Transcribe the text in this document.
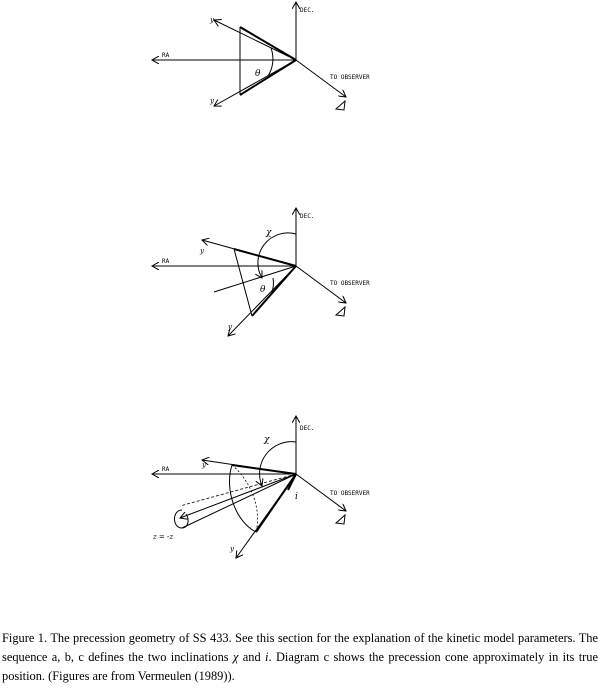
DEC.
RA
TO OBSERVER
y
y
θ
DEC.
RA
TO OBSERVER
y
y
χ
θ
DEC.
RA
TO OBSERVER
y
y
z = -z
χ
i

Figure 1. The precession geometry of SS 433. See this section for the explanation of the kinetic model parameters. The sequence a, b, c defines the two inclinations χ and i. Diagram c shows the precession cone approximately in its true position. (Figures are from Vermeulen (1989)).
